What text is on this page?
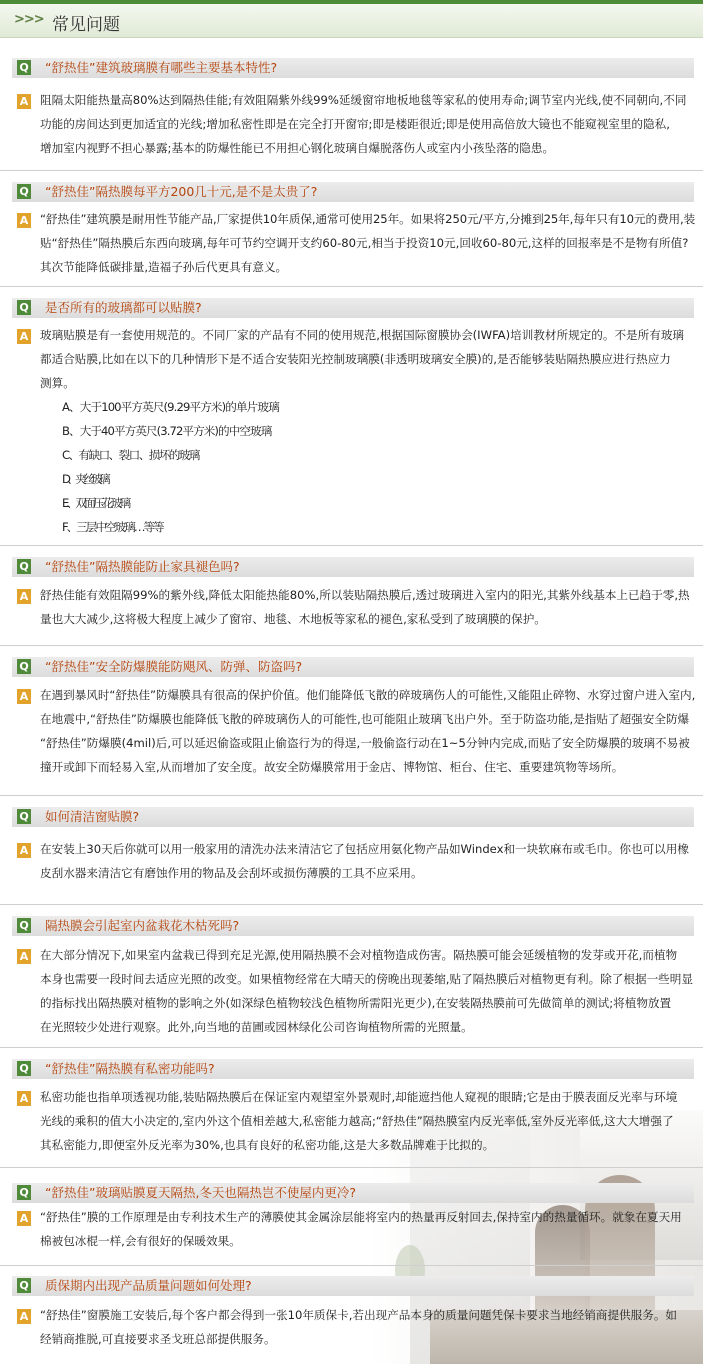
>>> 常见问题
Q “舒热佳”建筑玻璃膜有哪些主要基本特性?
A 阻隔太阳能热量高80%达到隔热佳能;有效阻隔紫外线99%延缓窗帘地板地毯等家私的使用寿命;调节室内光线,使不同朝向,不同

功能的房间达到更加适宜的光线;增加私密性即是在完全打开窗帘;即是楼距很近;即是使用高倍放大镜也不能窥视室里的隐私,

增加室内视野不担心暴露;基本的防爆性能已不用担心钢化玻璃自爆脱落伤人或室内小孩坠落的隐患。

Q “舒热佳”隔热膜每平方200几十元,是不是太贵了?
A “舒热佳”建筑膜是耐用性节能产品,厂家提供10年质保,通常可使用25年。如果将250元/平方,分摊到25年,每年只有10元的费用,装

贴“舒热佳”隔热膜后东西向玻璃,每年可节约空调开支约60-80元,相当于投资10元,回收60-80元,这样的回报率是不是物有所值?

其次节能降低碳排量,造福子孙后代更具有意义。

Q 是否所有的玻璃都可以贴膜?
A 玻璃贴膜是有一套使用规范的。不同厂家的产品有不同的使用规范,根据国际窗膜协会(IWFA)培训教材所规定的。不是所有玻璃

都适合贴膜,比如在以下的几种情形下是不适合安装阳光控制玻璃膜(非透明玻璃安全膜)的,是否能够装贴隔热膜应进行热应力

测算。

A、大于100平方英尺(9.29平方米)的单片玻璃

B、大于40平方英尺(3.72平方米)的中空玻璃

C、有缺口、裂口、损坏的玻璃

D、夹丝玻璃

E、双面压花玻璃

F、三层中空玻璃…等等

Q “舒热佳”隔热膜能防止家具褪色吗?
A 舒热佳能有效阻隔99%的紫外线,降低太阳能热能80%,所以装贴隔热膜后,透过玻璃进入室内的阳光,其紫外线基本上已趋于零,热

量也大大减少,这将极大程度上减少了窗帘、地毯、木地板等家私的褪色,家私受到了玻璃膜的保护。

Q “舒热佳”安全防爆膜能防飓风、防弹、防盗吗?
A 在遇到暴风时“舒热佳”防爆膜具有很高的保护价值。他们能降低飞散的碎玻璃伤人的可能性,又能阻止碎物、水穿过窗户进入室内,

在地震中,“舒热佳”防爆膜也能降低飞散的碎玻璃伤人的可能性,也可能阻止玻璃飞出户外。至于防盗功能,是指贴了超强安全防爆

“舒热佳”防爆膜(4mil)后,可以延迟偷盗或阻止偷盗行为的得逞,一般偷盗行动在1~5分钟内完成,而贴了安全防爆膜的玻璃不易被

撞开或卸下而轻易入室,从而增加了安全度。故安全防爆膜常用于金店、博物馆、柜台、住宅、重要建筑物等场所。

Q 如何清洁窗贴膜?
A 在安装上30天后你就可以用一般家用的清洗办法来清洁它了包括应用氨化物产品如Windex和一块软麻布或毛巾。你也可以用橡

皮刮水器来清洁它有磨蚀作用的物品及会刮坏或损伤薄膜的工具不应采用。

Q 隔热膜会引起室内盆栽花木枯死吗?
A 在大部分情况下,如果室内盆栽已得到充足光源,使用隔热膜不会对植物造成伤害。隔热膜可能会延缓植物的发芽或开花,而植物

本身也需要一段时间去适应光照的改变。如果植物经常在大晴天的傍晚出现萎缩,贴了隔热膜后对植物更有利。除了根据一些明显

的指标找出隔热膜对植物的影响之外(如深绿色植物较浅色植物所需阳光更少),在安装隔热膜前可先做简单的测试;将植物放置

在光照较少处进行观察。此外,向当地的苗圃或园林绿化公司咨询植物所需的光照量。

Q “舒热佳”隔热膜有私密功能吗?
A 私密功能也指单项透视功能,装贴隔热膜后在保证室内观望室外景观时,却能遮挡他人窥视的眼睛;它是由于膜表面反光率与环境

光线的乘积的值大小决定的,室内外这个值相差越大,私密能力越高;“舒热佳”隔热膜室内反光率低,室外反光率低,这大大增强了

其私密能力,即便室外反光率为30%,也具有良好的私密功能,这是大多数品牌难于比拟的。

Q “舒热佳”玻璃贴膜夏天隔热,冬天也隔热岂不使屋内更冷?
A “舒热佳”膜的工作原理是由专利技术生产的薄膜使其金属涂层能将室内的热量再反射回去,保持室内的热量循环。就象在夏天用

棉被包冰棍一样,会有很好的保暖效果。

Q 质保期内出现产品质量问题如何处理?
A “舒热佳”窗膜施工安装后,每个客户都会得到一张10年质保卡,若出现产品本身的质量问题凭保卡要求当地经销商提供服务。如

经销商推脱,可直接要求圣戈班总部提供服务。
